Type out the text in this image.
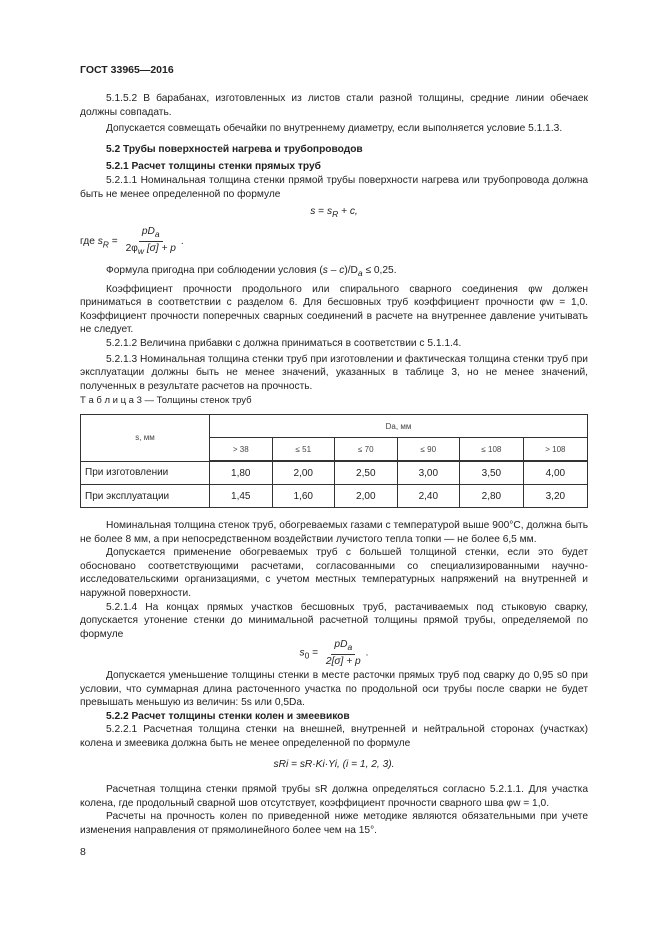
ГОСТ 33965—2016

5.1.5.2 В барабанах, изготовленных из листов стали разной толщины, средние линии обечаек должны совпадать.

Допускается совмещать обечайки по внутреннему диаметру, если выполняется условие 5.1.1.3.

5.2 Трубы поверхностей нагрева и трубопроводов

5.2.1 Расчет толщины стенки прямых труб

5.2.1.1 Номинальная толщина стенки прямой трубы поверхности нагрева или трубопровода должна быть не менее определенной по формуле

$s = s_R + c$,
где $s_R = \frac{pD_a}{2\varphi_w [\sigma] + p}$ .

Формула пригодна при соблюдении условия $(s - c)/D_a \le 0,25$.

Коэффициент прочности продольного или спирального сварного соединения φw должен приниматься в соответствии с разделом 6. Для бесшовных труб коэффициент прочности φw = 1,0. Коэффициент прочности поперечных сварных соединений в расчете на внутреннее давление учитывать не следует.

5.2.1.2 Величина прибавки с должна приниматься в соответствии с 5.1.1.4.

5.2.1.3 Номинальная толщина стенки труб при изготовлении и фактическая толщина стенки труб при эксплуатации должны быть не менее значений, указанных в таблице 3, но не менее значений, полученных в результате расчетов на прочность.

Т а б л и ц а 3 — Толщины стенок труб
s, мм	Da, мм					
	> 38	≤ 51	≤ 70	≤ 90	≤ 108	> 108
При изготовлении	1,80	2,00	2,50	3,00	3,50	4,00
При эксплуатации	1,45	1,60	2,00	2,40	2,80	3,20

Номинальная толщина стенок труб, обогреваемых газами с температурой выше 900°С, должна быть не более 8 мм, а при непосредственном воздействии лучистого тепла топки — не более 6,5 мм.

Допускается применение обогреваемых труб с большей толщиной стенки, если это будет обосновано соответствующими расчетами, согласованными со специализированными научно-исследовательскими организациями, с учетом местных температурных напряжений на внутренней и наружной поверхности.

5.2.1.4 На концах прямых участков бесшовных труб, растачиваемых под стыковую сварку, допускается утонение стенки до минимальной расчетной толщины прямой трубы, определяемой по формуле

$s_0 = \frac{pD_a}{2[\sigma] + p}$ .

Допускается уменьшение толщины стенки в месте расточки прямых труб под сварку до 0,95 s0 при условии, что суммарная длина расточенного участка по продольной оси трубы после сварки не будет превышать меньшую из величин: 5s или 0,5Da.

5.2.2 Расчет толщины стенки колен и змеевиков

5.2.2.1 Расчетная толщина стенки на внешней, внутренней и нейтральной сторонах (участках) колена и змеевика должна быть не менее определенной по формуле

sRi = sR·Ki·Yi, (i = 1, 2, 3).

Расчетная толщина стенки прямой трубы sR должна определяться согласно 5.2.1.1. Для участка колена, где продольный сварной шов отсутствует, коэффициент прочности сварного шва φw = 1,0.

Расчеты на прочность колен по приведенной ниже методике являются обязательными при учете изменения направления от прямолинейного более чем на 15°.

8
